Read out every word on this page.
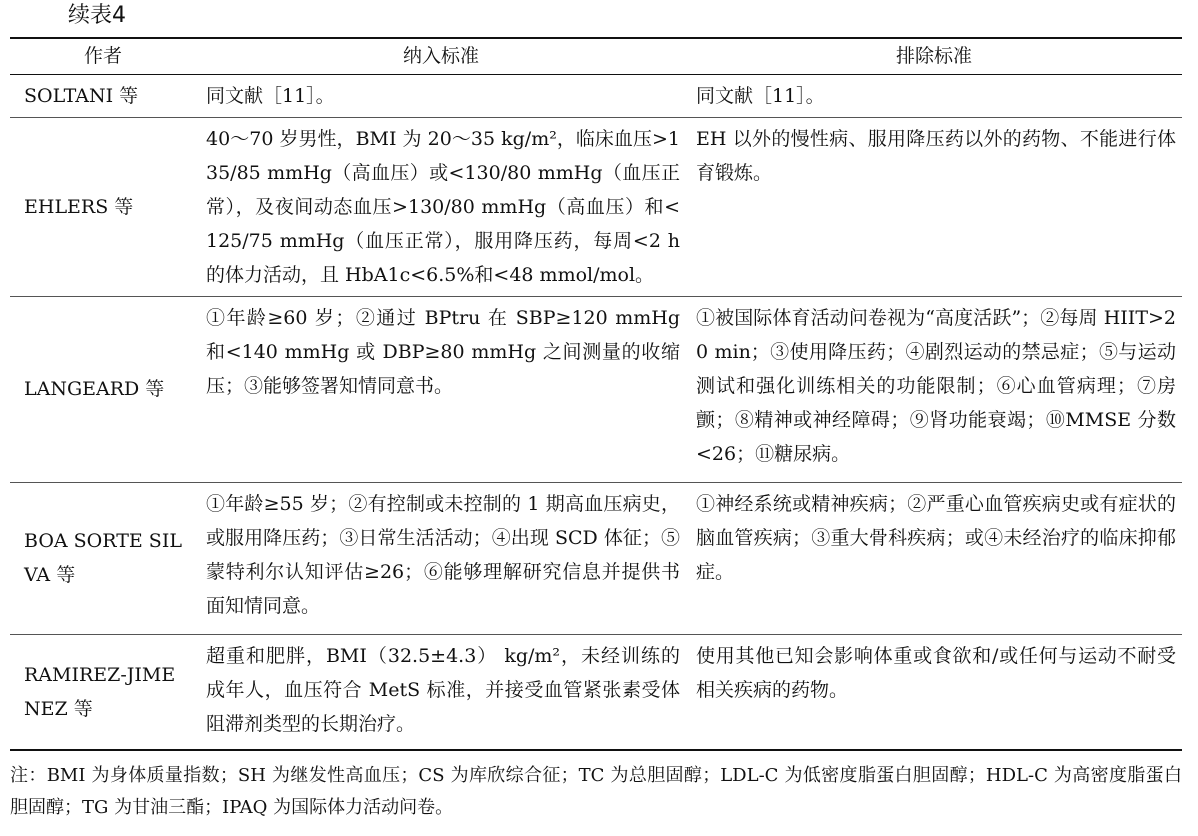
续表4
作者	纳入标准	排除标准
SOLTANI 等	同文献［11］。	同文献［11］。
EHLERS 等	40～70 岁男性，BMI 为 20～35 kg/m²，临床血压>135/85 mmHg（高血压）或<130/80 mmHg（血压正常），及夜间动态血压>130/80 mmHg（高血压）和<125/75 mmHg（血压正常），服用降压药，每周<2 h的体力活动，且 HbA1c<6.5%和<48 mmol/mol。	EH 以外的慢性病、服用降压药以外的药物、不能进行体育锻炼。
LANGEARD 等	①年龄≥60 岁；②通过 BPtru 在 SBP≥120 mmHg 和<140 mmHg 或 DBP≥80 mmHg 之间测量的收缩压；③能够签署知情同意书。	①被国际体育活动问卷视为“高度活跃”；②每周 HIIT>20 min；③使用降压药；④剧烈运动的禁忌症；⑤与运动测试和强化训练相关的功能限制；⑥心血管病理；⑦房颤；⑧精神或神经障碍；⑨肾功能衰竭；⑩MMSE 分数<26；⑪糖尿病。
BOA SORTE SILVA 等	①年龄≥55 岁；②有控制或未控制的 1 期高血压病史，或服用降压药；③日常生活活动；④出现 SCD 体征；⑤蒙特利尔认知评估≥26；⑥能够理解研究信息并提供书面知情同意。	①神经系统或精神疾病；②严重心血管疾病史或有症状的脑血管疾病；③重大骨科疾病；或④未经治疗的临床抑郁症。
RAMIREZ-JIMENEZ 等	超重和肥胖，BMI（32.5±4.3） kg/m²，未经训练的成年人，血压符合 MetS 标准，并接受血管紧张素受体阻滞剂类型的长期治疗。	使用其他已知会影响体重或食欲和/或任何与运动不耐受相关疾病的药物。
注：BMI 为身体质量指数；SH 为继发性高血压；CS 为库欣综合征；TC 为总胆固醇；LDL-C 为低密度脂蛋白胆固醇；HDL-C 为高密度脂蛋白胆固醇；TG 为甘油三酯；IPAQ 为国际体力活动问卷。
